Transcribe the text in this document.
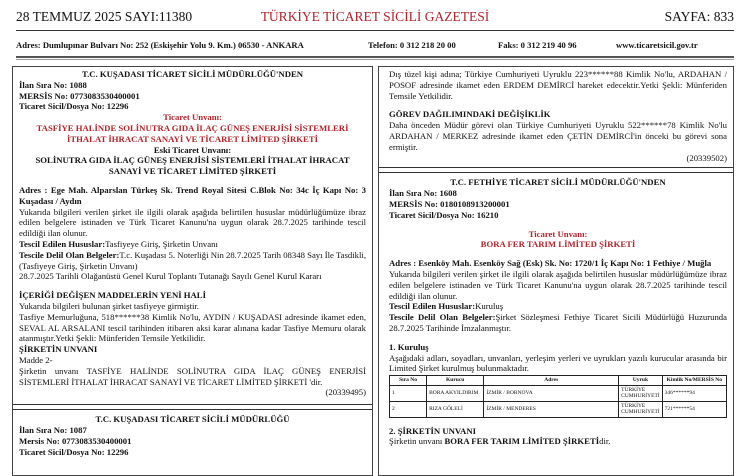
28 TEMMUZ 2025 SAYI:11380	TÜRKİYE TİCARET SİCİLİ GAZETESİ	SAYFA: 833
Adres: Dumlupınar Bulvarı No: 252 (Eskişehir Yolu 9. Km.) 06530 - ANKARA	Telefon: 0 312 218 20 00	Faks: 0 312 219 40 96	www.ticaretsicil.gov.tr
T.C. KUŞADASI TİCARET SİCİLİ MÜDÜRLÜĞÜ'NDEN
İlan Sıra No: 1088
MERSİS No: 0773083530400001
Ticaret Sicil/Dosya No: 12296
Ticaret Unvanı:
TASFİYE HALİNDE SOLİNUTRA GIDA İLAÇ GÜNEŞ ENERJİSİ SİSTEMLERİ İTHALAT İHRACAT SANAYİ VE TİCARET LİMİTED ŞİRKETİ
Eski Ticaret Unvanı:
SOLİNUTRA GIDA İLAÇ GÜNEŞ ENERJİSİ SİSTEMLERİ İTHALAT İHRACAT SANAYİ VE TİCARET LİMİTED ŞİRKETİ

Adres : Ege Mah. Alparslan Türkeş Sk. Trend Royal Sitesi C.Blok No: 34c İç Kapı No: 3 Kuşadası / Aydın

Yukarıda bilgileri verilen şirket ile ilgili olarak aşağıda belirtilen hususlar müdürlüğümüze ibraz edilen belgelere istinaden ve Türk Ticaret Kanunu'na uygun olarak 28.7.2025 tarihinde tescil edildiği ilan olunur.

Tescil Edilen Hususlar:Tasfiyeye Giriş, Şirketin Unvanı

Tescile Delil Olan Belgeler:T.c. Kuşadası 5. Noterliği Nin 28.7.2025 Tarih 08348 Sayı İle Tasdikli, (Tasfiyeye Giriş, Şirketin Unvanı)

28.7.2025 Tarihli Olağanüstü Genel Kurul Toplantı Tutanağı Sayılı Genel Kurul Kararı

İÇERİĞİ DEĞİŞEN MADDELERİN YENİ HALİ

Yukarıda bilgileri bulunan şirket tasfiyeye girmiştir.

Tasfiye Memurluğuna, 518******38 Kimlik No'lu, AYDIN / KUŞADASI adresinde ikamet eden, SEVAL AL ARSALANI tescil tarihinden itibaren aksi karar alınana kadar Tasfiye Memuru olarak atanmıştır.Yetki Şekli: Münferiden Temsile Yetkilidir.

ŞİRKETİN UNVANI

Madde 2-

Şirketin unvanı TASFİYE HALİNDE SOLİNUTRA GIDA İLAÇ GÜNEŞ ENERJİSİ SİSTEMLERİ İTHALAT İHRACAT SANAYİ VE TİCARET LİMİTED ŞİRKETİ 'dir.

(20339495)
T.C. KUŞADASI TİCARET SİCİLİ MÜDÜRLÜĞÜ
İlan Sıra No: 1087
Mersis No: 0773083530400001
Ticaret Sicil/Dosya No: 12296

Dış tüzel kişi adına; Türkiye Cumhuriyeti Uyruklu 223******88 Kimlik No'lu, ARDAHAN / POSOF adresinde ikamet eden ERDEM DEMİRCİ hareket edecektir.Yetki Şekli: Münferiden Temsile Yetkilidir.

GÖREV DAĞILIMINDAKİ DEĞİŞİKLİK

Daha önceden Müdür görevi olan Türkiye Cumhuriyeti Uyruklu 522******78 Kimlik No'lu ARDAHAN / MERKEZ adresinde ikamet eden ÇETİN DEMİRCİ'in önceki bu görevi sona ermiştir.

(20339502)
T.C. FETHİYE TİCARET SİCİLİ MÜDÜRLÜĞÜ'NDEN
İlan Sıra No: 1608
MERSİS No: 0180108913200001
Ticaret Sicil/Dosya No: 16210
Ticaret Unvanı:
BORA FER TARIM LİMİTED ŞİRKETİ

Adres : Esenköy Mah. Esenköy Sağ (Esk) Sk. No: 1720/1 İç Kapı No: 1 Fethiye / Muğla

Yukarıda bilgileri verilen şirket ile ilgili olarak aşağıda belirtilen hususlar müdürlüğümüze ibraz edilen belgelere istinaden ve Türk Ticaret Kanunu'na uygun olarak 28.7.2025 tarihinde tescil edildiği ilan olunur.

Tescil Edilen Hususlar:Kuruluş

Tescile Delil Olan Belgeler:Şirket Sözleşmesi Fethiye Ticaret Sicili Müdürlüğü Huzurunda 28.7.2025 Tarihinde İmzalanmıştır.

1. Kuruluş

Aşağıdaki adları, soyadları, unvanları, yerleşim yerleri ve uyrukları yazılı kurucular arasında bir Limited Şirket kurulmuş bulunmaktadır.

Sıra No	Kurucu	Adres	Uyruk	Kimlik No/MERSİS No
1	BORA AKYILDIRIM	İZMİR / BORNOVA	TÜRKİYE CUMHURİYETİ	346******94
2	RIZA GÖLELİ	İZMİR / MENDERES	TÜRKİYE CUMHURİYETİ	721******54
2. ŞİRKETİN UNVANI

Şirketin unvanı BORA FER TARIM LİMİTED ŞİRKETİdir.
